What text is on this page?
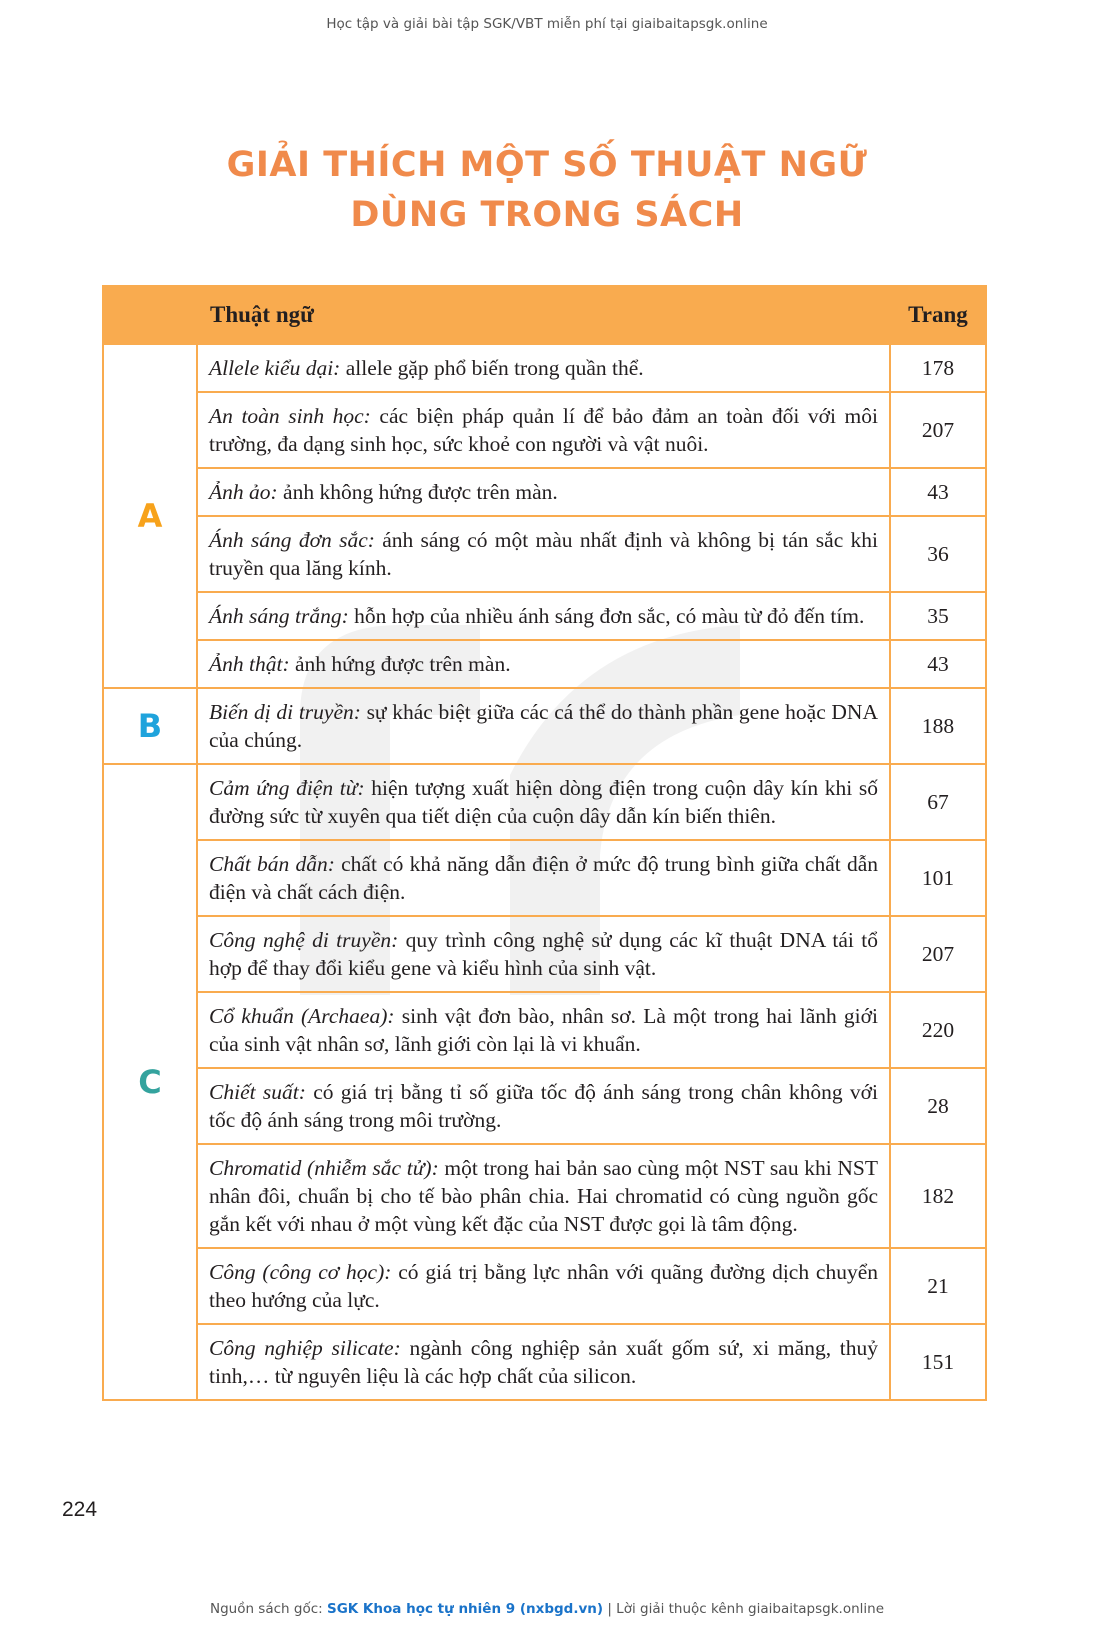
Học tập và giải bài tập SGK/VBT miễn phí tại giaibaitapsgk.online
GIẢI THÍCH MỘT SỐ THUẬT NGỮ
DÙNG TRONG SÁCH
	Thuật ngữ	Trang
A	Allele kiểu dại: allele gặp phổ biến trong quần thể.	178
	An toàn sinh học: các biện pháp quản lí để bảo đảm an toàn đối với môi trường, đa dạng sinh học, sức khoẻ con người và vật nuôi.	207
	Ảnh ảo: ảnh không hứng được trên màn.	43
	Ánh sáng đơn sắc: ánh sáng có một màu nhất định và không bị tán sắc khi truyền qua lăng kính.	36
	Ánh sáng trắng: hỗn hợp của nhiều ánh sáng đơn sắc, có màu từ đỏ đến tím.	35
	Ảnh thật: ảnh hứng được trên màn.	43
B	Biến dị di truyền: sự khác biệt giữa các cá thể do thành phần gene hoặc DNA của chúng.	188
C	Cảm ứng điện từ: hiện tượng xuất hiện dòng điện trong cuộn dây kín khi số đường sức từ xuyên qua tiết diện của cuộn dây dẫn kín biến thiên.	67
	Chất bán dẫn: chất có khả năng dẫn điện ở mức độ trung bình giữa chất dẫn điện và chất cách điện.	101
	Công nghệ di truyền: quy trình công nghệ sử dụng các kĩ thuật DNA tái tổ hợp để thay đổi kiểu gene và kiểu hình của sinh vật.	207
	Cổ khuẩn (Archaea): sinh vật đơn bào, nhân sơ. Là một trong hai lãnh giới của sinh vật nhân sơ, lãnh giới còn lại là vi khuẩn.	220
	Chiết suất: có giá trị bằng tỉ số giữa tốc độ ánh sáng trong chân không với tốc độ ánh sáng trong môi trường.	28
	Chromatid (nhiễm sắc tử): một trong hai bản sao cùng một NST sau khi NST nhân đôi, chuẩn bị cho tế bào phân chia. Hai chromatid có cùng nguồn gốc gắn kết với nhau ở một vùng kết đặc của NST được gọi là tâm động.	182
	Công (công cơ học): có giá trị bằng lực nhân với quãng đường dịch chuyển theo hướng của lực.	21
	Công nghiệp silicate: ngành công nghiệp sản xuất gốm sứ, xi măng, thuỷ tinh,… từ nguyên liệu là các hợp chất của silicon.	151
224
Nguồn sách gốc: SGK Khoa học tự nhiên 9 (nxbgd.vn) | Lời giải thuộc kênh giaibaitapsgk.online
